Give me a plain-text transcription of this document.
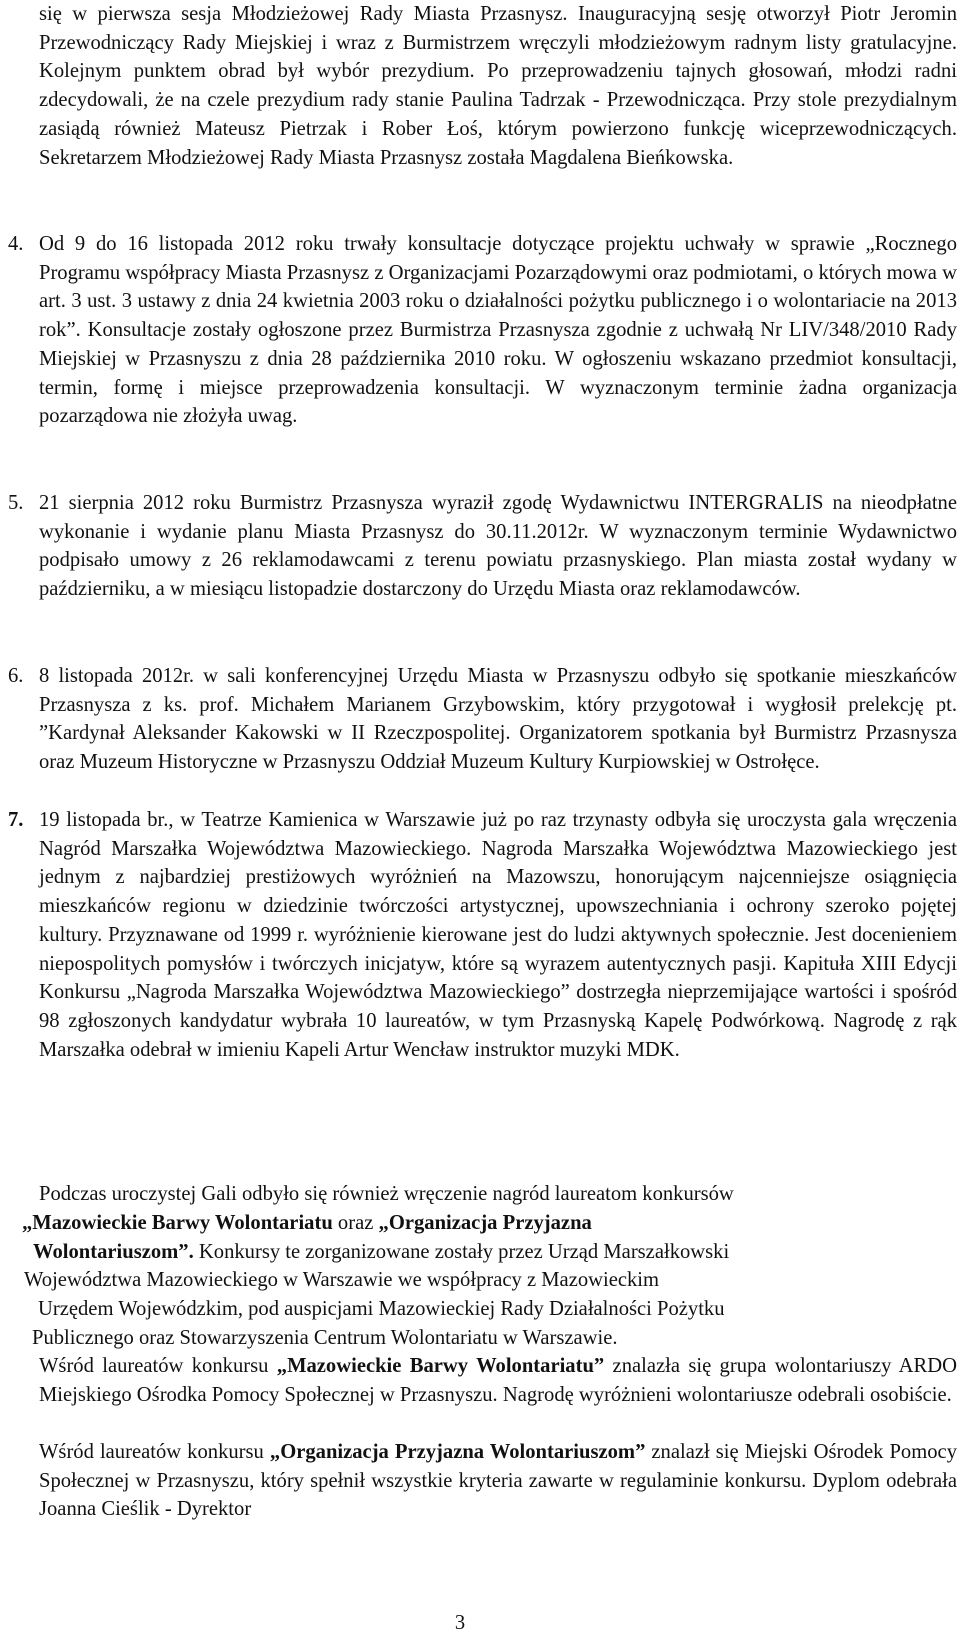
się w pierwsza sesja Młodzieżowej Rady Miasta Przasnysz. Inauguracyjną sesję otworzył Piotr Jeromin Przewodniczący Rady Miejskiej i wraz z Burmistrzem wręczyli młodzieżowym radnym listy gratulacyjne. Kolejnym punktem obrad był wybór prezydium. Po przeprowadzeniu tajnych głosowań, młodzi radni zdecydowali, że na czele prezydium rady stanie Paulina Tadrzak - Przewodnicząca. Przy stole prezydialnym zasiądą również Mateusz Pietrzak i Rober Łoś, którym powierzono funkcję wiceprzewodniczących. Sekretarzem Młodzieżowej Rady Miasta Przasnysz została Magdalena Bieńkowska.

4. Od 9 do 16 listopada 2012 roku trwały konsultacje dotyczące projektu uchwały w sprawie „Rocznego Programu współpracy Miasta Przasnysz z Organizacjami Pozarządowymi oraz podmiotami, o których mowa w art. 3 ust. 3 ustawy z dnia 24 kwietnia 2003 roku o działalności pożytku publicznego i o wolontariacie na 2013 rok”. Konsultacje zostały ogłoszone przez Burmistrza Przasnysza zgodnie z uchwałą Nr LIV/348/2010 Rady Miejskiej w Przasnyszu z dnia 28 października 2010 roku. W ogłoszeniu wskazano przedmiot konsultacji, termin, formę i miejsce przeprowadzenia konsultacji. W wyznaczonym terminie żadna organizacja pozarządowa nie złożyła uwag.

5. 21 sierpnia 2012 roku Burmistrz Przasnysza wyraził zgodę Wydawnictwu INTERGRALIS na nieodpłatne wykonanie i wydanie planu Miasta Przasnysz do 30.11.2012r. W wyznaczonym terminie Wydawnictwo podpisało umowy z 26 reklamodawcami z terenu powiatu przasnyskiego. Plan miasta został wydany w październiku, a w miesiącu listopadzie dostarczony do Urzędu Miasta oraz reklamodawców.

6. 8 listopada 2012r. w sali konferencyjnej Urzędu Miasta w Przasnyszu odbyło się spotkanie mieszkańców Przasnysza z ks. prof. Michałem Marianem Grzybowskim, który przygotował i wygłosił prelekcję pt. ”Kardynał Aleksander Kakowski w II Rzeczpospolitej. Organizatorem spotkania był Burmistrz Przasnysza oraz Muzeum Historyczne w Przasnyszu Oddział Muzeum Kultury Kurpiowskiej w Ostrołęce.

7. 19 listopada br., w Teatrze Kamienica w Warszawie już po raz trzynasty odbyła się uroczysta gala wręczenia Nagród Marszałka Województwa Mazowieckiego. Nagroda Marszałka Województwa Mazowieckiego jest jednym z najbardziej prestiżowych wyróżnień na Mazowszu, honorującym najcenniejsze osiągnięcia mieszkańców regionu w dziedzinie twórczości artystycznej, upowszechniania i ochrony szeroko pojętej kultury. Przyznawane od 1999 r. wyróżnienie kierowane jest do ludzi aktywnych społecznie. Jest docenieniem niepospolitych pomysłów i twórczych inicjatyw, które są wyrazem autentycznych pasji. Kapituła XIII Edycji Konkursu „Nagroda Marszałka Województwa Mazowieckiego” dostrzegła nieprzemijające wartości i spośród 98 zgłoszonych kandydatur wybrała 10 laureatów, w tym Przasnyską Kapelę Podwórkową. Nagrodę z rąk Marszałka odebrał w imieniu Kapeli Artur Wencław instruktor muzyki MDK.

Podczas uroczystej Gali odbyło się również wręczenie nagród laureatom konkursów
„Mazowieckie Barwy Wolontariatu oraz „Organizacja Przyjazna
Wolontariuszom”. Konkursy te zorganizowane zostały przez Urząd Marszałkowski
Województwa Mazowieckiego w Warszawie we współpracy z Mazowieckim
Urzędem Wojewódzkim, pod auspicjami Mazowieckiej Rady Działalności Pożytku
Publicznego oraz Stowarzyszenia Centrum Wolontariatu w Warszawie.

Wśród laureatów konkursu „Mazowieckie Barwy Wolontariatu” znalazła się grupa wolontariuszy ARDO Miejskiego Ośrodka Pomocy Społecznej w Przasnyszu. Nagrodę wyróżnieni wolontariusze odebrali osobiście.

Wśród laureatów konkursu „Organizacja Przyjazna Wolontariuszom” znalazł się Miejski Ośrodek Pomocy Społecznej w Przasnyszu, który spełnił wszystkie kryteria zawarte w regulaminie konkursu. Dyplom odebrała Joanna Cieślik - Dyrektor

3
